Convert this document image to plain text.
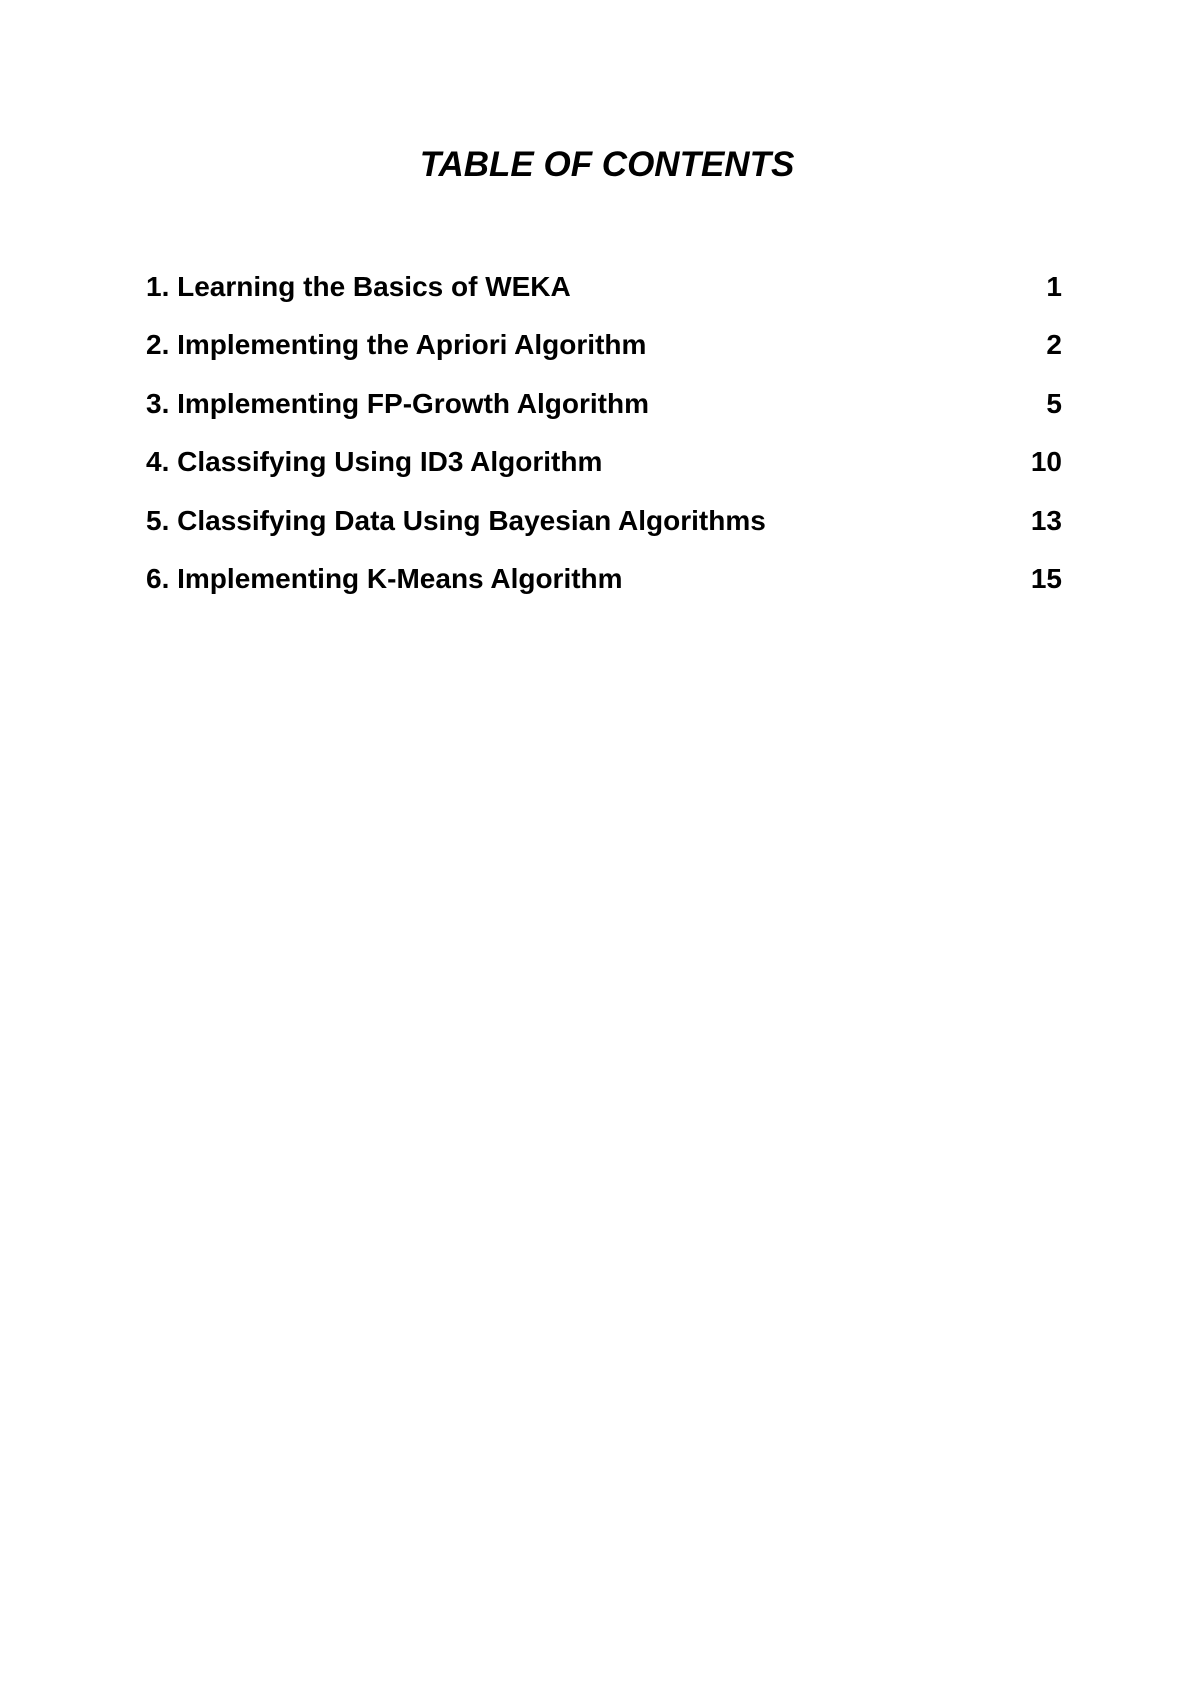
TABLE OF CONTENTS
1. Learning the Basics of WEKA	1
2. Implementing the Apriori Algorithm	2
3. Implementing FP-Growth Algorithm	5
4. Classifying Using ID3 Algorithm	10
5. Classifying Data Using Bayesian Algorithms	13
6. Implementing K-Means Algorithm	15
